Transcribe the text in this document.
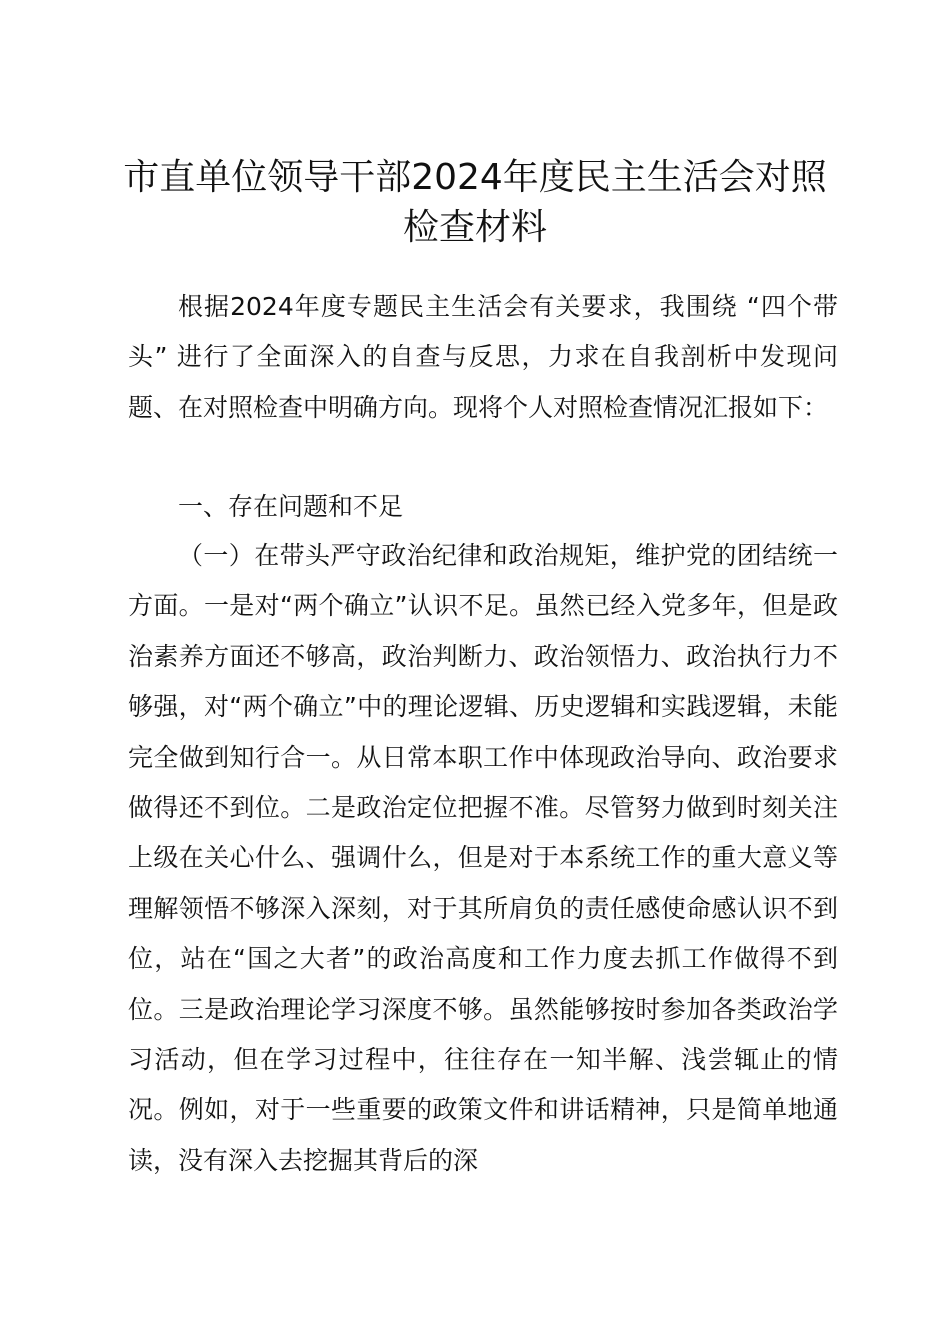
市直单位领导干部2024年度民主生活会对照
检查材料
根据2024年度专题民主生活会有关要求，我围绕 “四个带头” 进行了全面深入的自查与反思，力求在自我剖析中发现问题、在对照检查中明确方向。现将个人对照检查情况汇报如下：
一、存在问题和不足
（一）在带头严守政治纪律和政治规矩，维护党的团结统一方面。一是对“两个确立”认识不足。虽然已经入党多年，但是政治素养方面还不够高，政治判断力、政治领悟力、政治执行力不够强，对“两个确立”中的理论逻辑、历史逻辑和实践逻辑，未能完全做到知行合一。从日常本职工作中体现政治导向、政治要求做得还不到位。二是政治定位把握不准。尽管努力做到时刻关注上级在关心什么、强调什么，但是对于本系统工作的重大意义等理解领悟不够深入深刻，对于其所肩负的责任感使命感认识不到位，站在“国之大者”的政治高度和工作力度去抓工作做得不到位。三是政治理论学习深度不够。虽然能够按时参加各类政治学习活动，但在学习过程中，往往存在一知半解、浅尝辄止的情况。例如，对于一些重要的政策文件和讲话精神，只是简单地通读，没有深入去挖掘其背后的深
